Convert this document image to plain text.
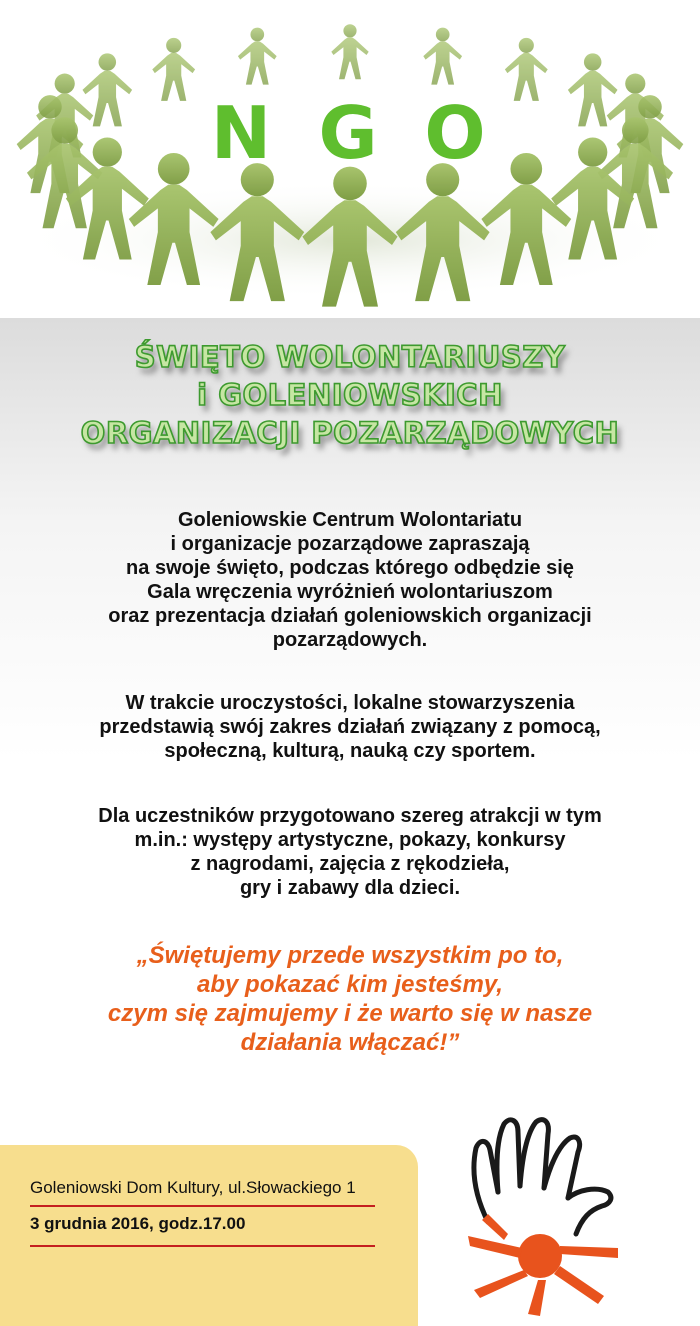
N G O
ŚWIĘTO WOLONTARIUSZY
i GOLENIOWSKICH
ORGANIZACJI POZARZĄDOWYCH
Goleniowskie Centrum Wolontariatu
i organizacje pozarządowe zapraszają
na swoje święto, podczas którego odbędzie się
Gala wręczenia wyróżnień wolontariuszom
oraz prezentacja działań goleniowskich organizacji
pozarządowych.
W trakcie uroczystości, lokalne stowarzyszenia
przedstawią swój zakres działań związany z pomocą,
społeczną, kulturą, nauką czy sportem.
Dla uczestników przygotowano szereg atrakcji w tym
m.in.: występy artystyczne, pokazy, konkursy
z nagrodami, zajęcia z rękodzieła,
gry i zabawy dla dzieci.
„Świętujemy przede wszystkim po to,
aby pokazać kim jesteśmy,
czym się zajmujemy i że warto się w nasze
działania włączać!”
Goleniowski Dom Kultury, ul.Słowackiego 1
3 grudnia 2016, godz.17.00
